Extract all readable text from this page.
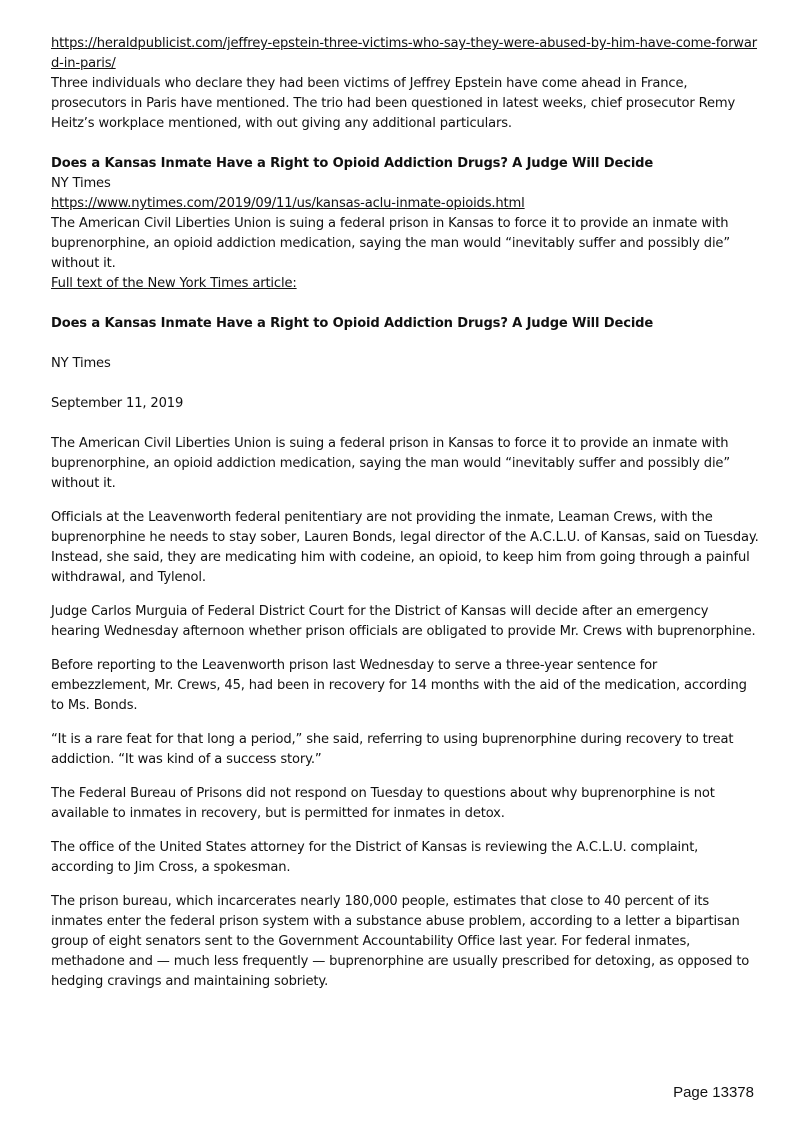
https://heraldpublicist.com/jeffrey-epstein-three-victims-who-say-they-were-abused-by-him-have-come-forward-in-paris/

Three individuals who declare they had been victims of Jeffrey Epstein have come ahead in France, prosecutors in Paris have mentioned. The trio had been questioned in latest weeks, chief prosecutor Remy Heitz’s workplace mentioned, with out giving any additional particulars.

Does a Kansas Inmate Have a Right to Opioid Addiction Drugs? A Judge Will Decide

NY Times

https://www.nytimes.com/2019/09/11/us/kansas-aclu-inmate-opioids.html

The American Civil Liberties Union is suing a federal prison in Kansas to force it to provide an inmate with buprenorphine, an opioid addiction medication, saying the man would “inevitably suffer and possibly die” without it.

Full text of the New York Times article:

Does a Kansas Inmate Have a Right to Opioid Addiction Drugs? A Judge Will Decide

NY Times

September 11, 2019

The American Civil Liberties Union is suing a federal prison in Kansas to force it to provide an inmate with buprenorphine, an opioid addiction medication, saying the man would “inevitably suffer and possibly die” without it.

Officials at the Leavenworth federal penitentiary are not providing the inmate, Leaman Crews, with the buprenorphine he needs to stay sober, Lauren Bonds, legal director of the A.C.L.U. of Kansas, said on Tuesday. Instead, she said, they are medicating him with codeine, an opioid, to keep him from going through a painful withdrawal, and Tylenol.

Judge Carlos Murguia of Federal District Court for the District of Kansas will decide after an emergency hearing Wednesday afternoon whether prison officials are obligated to provide Mr. Crews with buprenorphine.

Before reporting to the Leavenworth prison last Wednesday to serve a three-year sentence for embezzlement, Mr. Crews, 45, had been in recovery for 14 months with the aid of the medication, according to Ms. Bonds.

“It is a rare feat for that long a period,” she said, referring to using buprenorphine during recovery to treat addiction. “It was kind of a success story.”

The Federal Bureau of Prisons did not respond on Tuesday to questions about why buprenorphine is not available to inmates in recovery, but is permitted for inmates in detox.

The office of the United States attorney for the District of Kansas is reviewing the A.C.L.U. complaint, according to Jim Cross, a spokesman.

The prison bureau, which incarcerates nearly 180,000 people, estimates that close to 40 percent of its inmates enter the federal prison system with a substance abuse problem, according to a letter a bipartisan group of eight senators sent to the Government Accountability Office last year. For federal inmates, methadone and — much less frequently — buprenorphine are usually prescribed for detoxing, as opposed to hedging cravings and maintaining sobriety.

Page 13378
